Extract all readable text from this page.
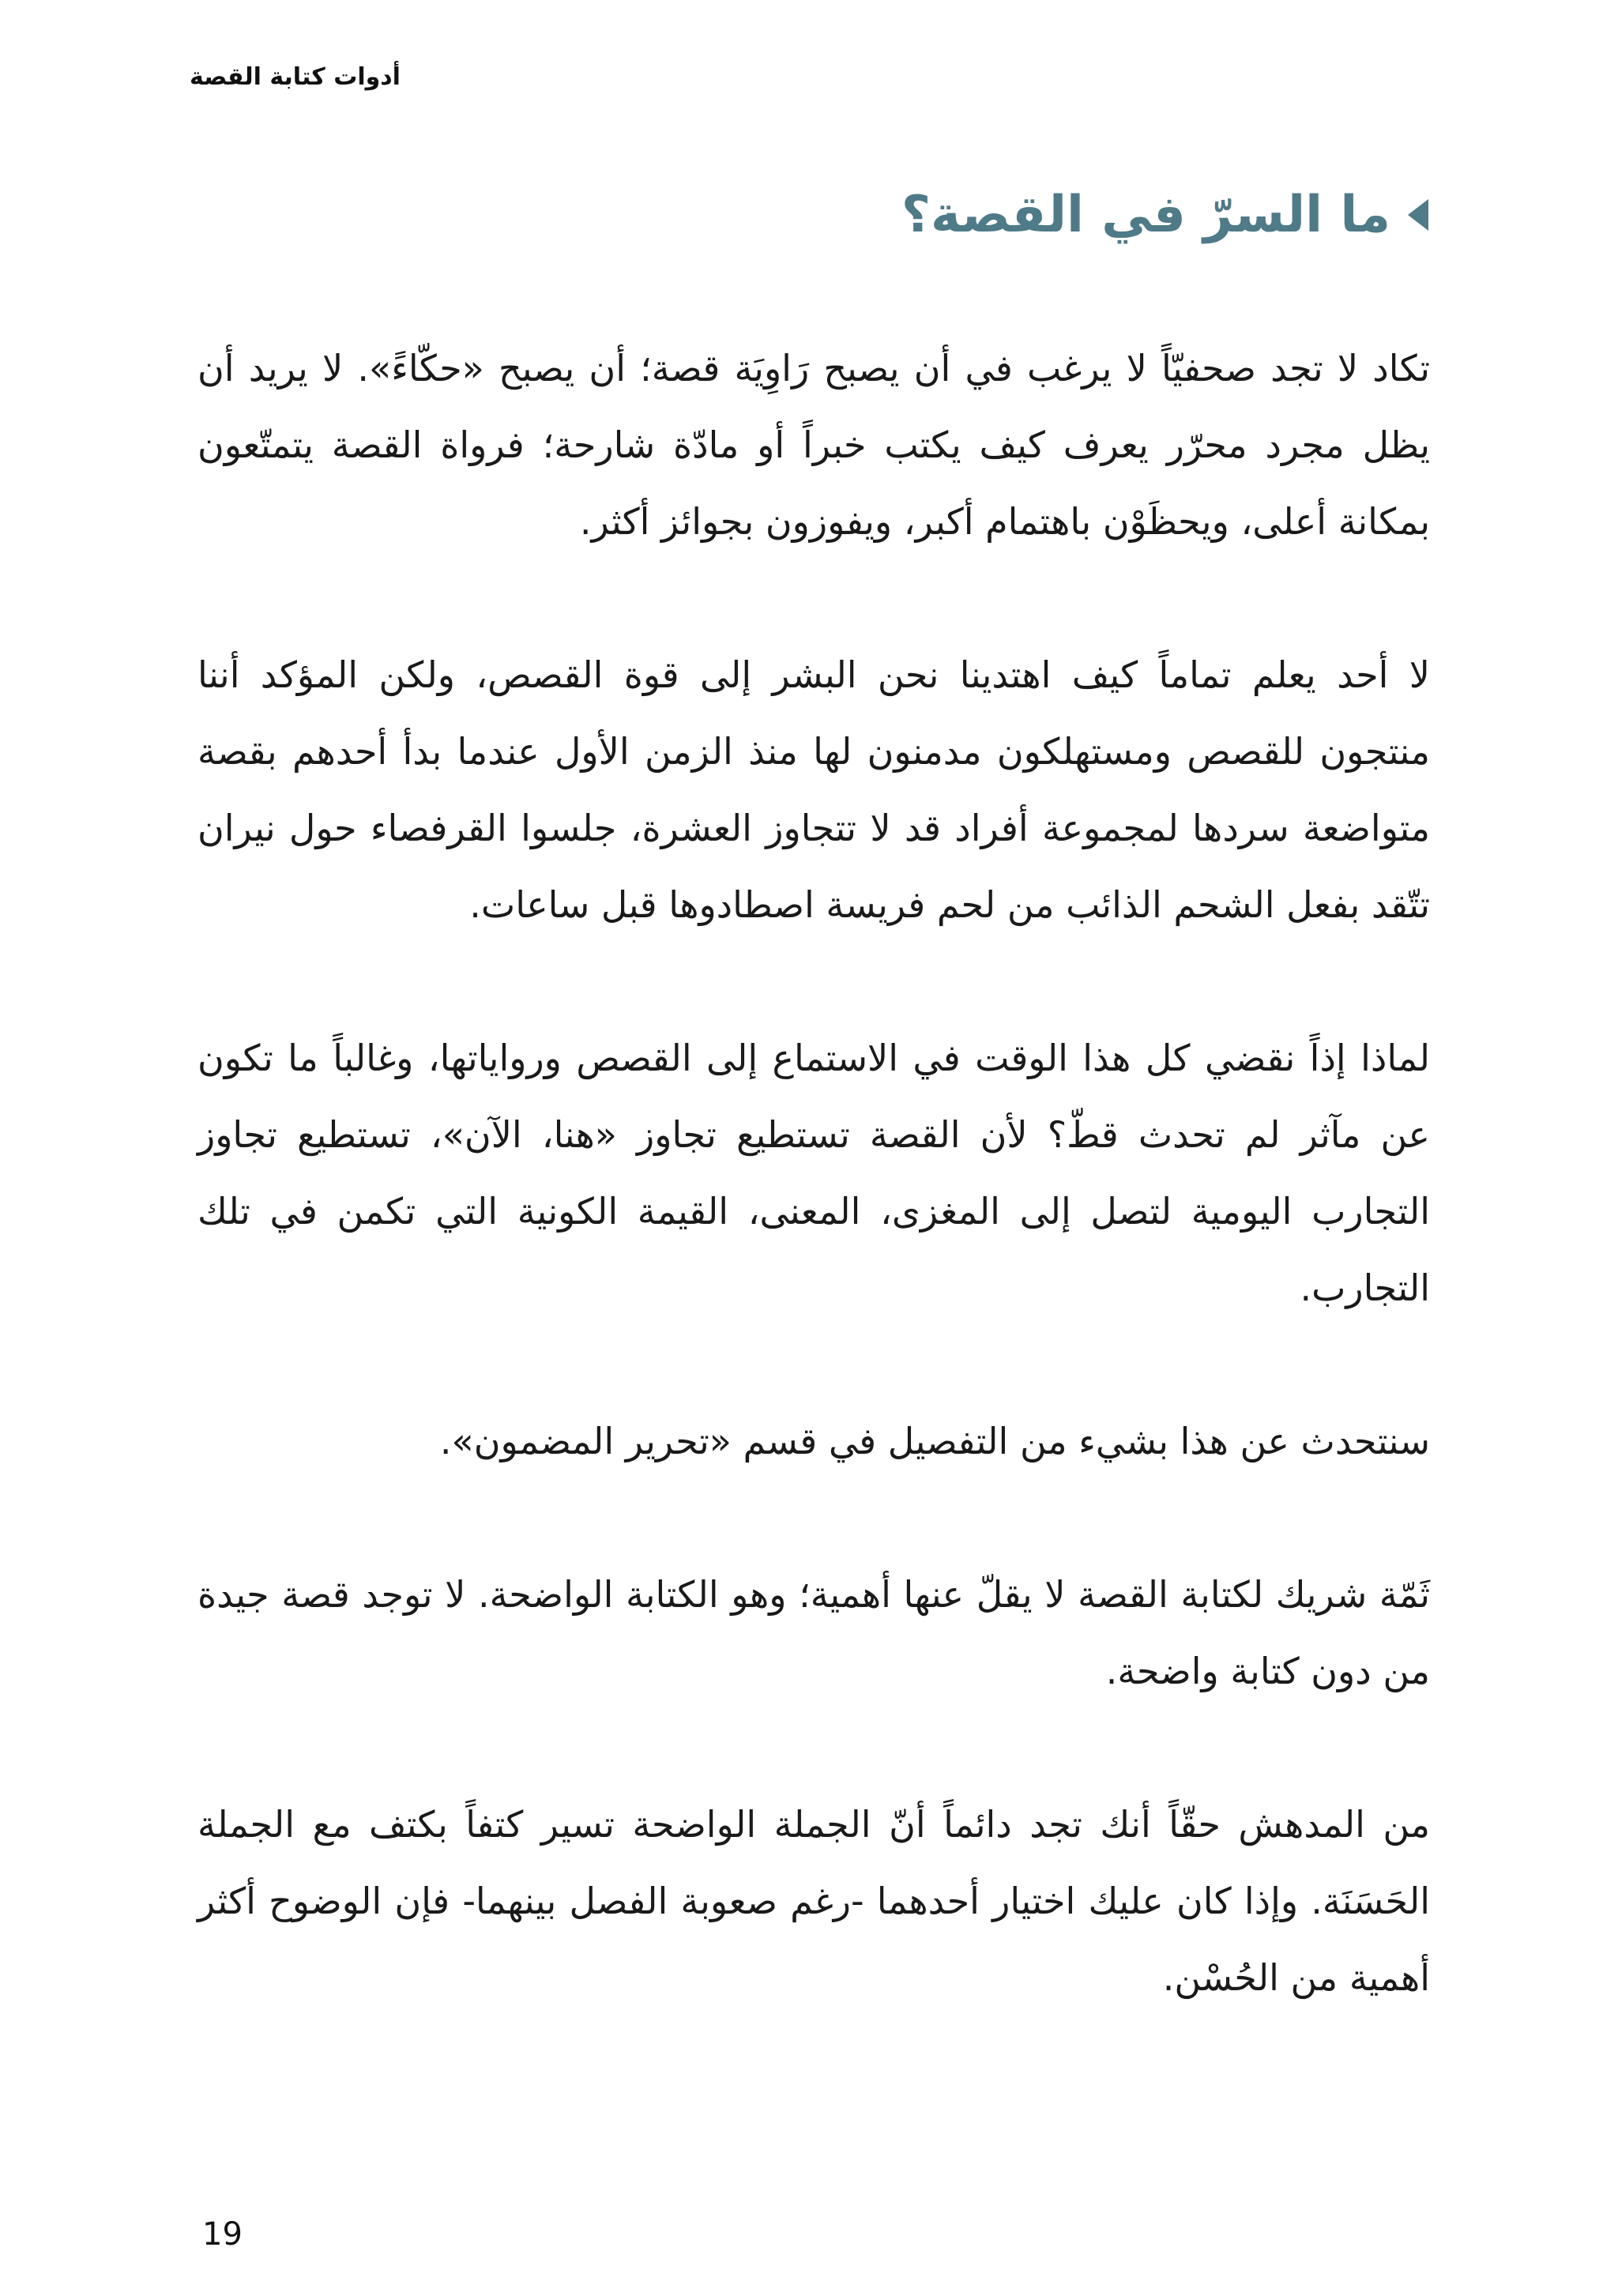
أدوات كتابة القصة
ما السرّ في القصة؟

تكاد لا تجد صحفيّاً لا يرغب في أن يصبح رَاوِيَة قصة؛ أن يصبح «حكّاءً». لا يريد أن يظل مجرد محرّر يعرف كيف يكتب خبراً أو مادّة شارحة؛ فرواة القصة يتمتّعون بمكانة أعلى، ويحظَوْن باهتمام أكبر، ويفوزون بجوائز أكثر.

لا أحد يعلم تماماً كيف اهتدينا نحن البشر إلى قوة القصص، ولكن المؤكد أننا منتجون للقصص ومستهلكون مدمنون لها منذ الزمن الأول عندما بدأ أحدهم بقصة متواضعة سردها لمجموعة أفراد قد لا تتجاوز العشرة، جلسوا القرفصاء حول نيران تتّقد بفعل الشحم الذائب من لحم فريسة اصطادوها قبل ساعات.

لماذا إذاً نقضي كل هذا الوقت في الاستماع إلى القصص ورواياتها، وغالباً ما تكون عن مآثر لم تحدث قطّ؟ لأن القصة تستطيع تجاوز «هنا، الآن»، تستطيع تجاوز التجارب اليومية لتصل إلى المغزى، المعنى، القيمة الكونية التي تكمن في تلك التجارب.

سنتحدث عن هذا بشيء من التفصيل في قسم «تحرير المضمون».

ثَمّة شريك لكتابة القصة لا يقلّ عنها أهمية؛ وهو الكتابة الواضحة. لا توجد قصة جيدة من دون كتابة واضحة.

من المدهش حقّاً أنك تجد دائماً أنّ الجملة الواضحة تسير كتفاً بكتف مع الجملة الحَسَنَة. وإذا كان عليك اختيار أحدهما -رغم صعوبة الفصل بينهما- فإن الوضوح أكثر أهمية من الحُسْن.

19
